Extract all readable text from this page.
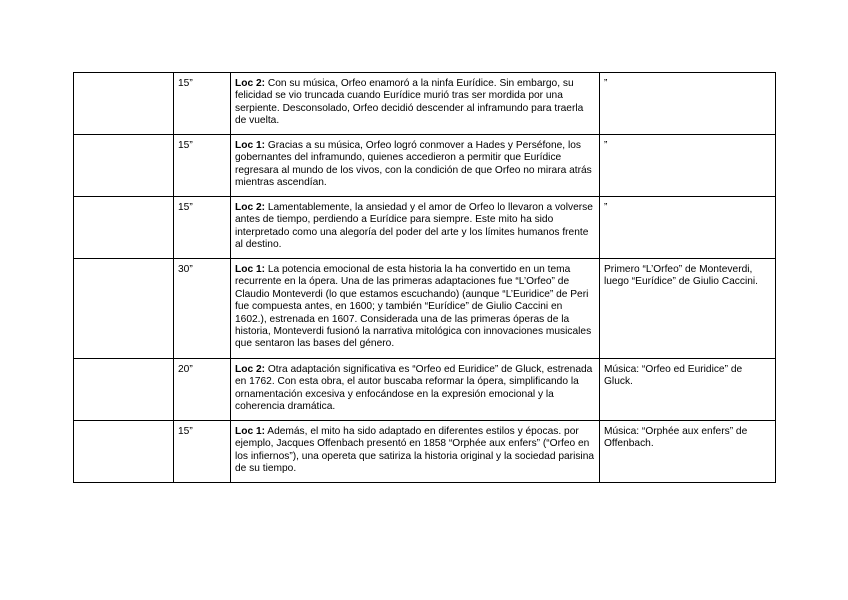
	15”	Loc 2: Con su música, Orfeo enamoró a la ninfa Eurídice. Sin embargo, su felicidad se vio truncada cuando Eurídice murió tras ser mordida por una serpiente. Desconsolado, Orfeo decidió descender al inframundo para traerla de vuelta.	”
	15”	Loc 1: Gracias a su música, Orfeo logró conmover a Hades y Perséfone, los gobernantes del inframundo, quienes accedieron a permitir que Eurídice regresara al mundo de los vivos, con la condición de que Orfeo no mirara atrás mientras ascendían.	”
	15”	Loc 2: Lamentablemente, la ansiedad y el amor de Orfeo lo llevaron a volverse antes de tiempo, perdiendo a Eurídice para siempre. Este mito ha sido interpretado como una alegoría del poder del arte y los límites humanos frente al destino.	”
	30”	Loc 1: La potencia emocional de esta historia la ha convertido en un tema recurrente en la ópera. Una de las primeras adaptaciones fue “L’Orfeo” de Claudio Monteverdi (lo que estamos escuchando) (aunque “L’Euridice” de Peri fue compuesta antes, en 1600; y también “Eurídice” de Giulio Caccini en 1602.), estrenada en 1607. Considerada una de las primeras óperas de la historia, Monteverdi fusionó la narrativa mitológica con innovaciones musicales que sentaron las bases del género.	Primero “L’Orfeo” de Monteverdi, luego “Eurídice” de Giulio Caccini.
	20”	Loc 2: Otra adaptación significativa es “Orfeo ed Euridice” de Gluck, estrenada en 1762. Con esta obra, el autor buscaba reformar la ópera, simplificando la ornamentación excesiva y enfocándose en la expresión emocional y la coherencia dramática.	Música: “Orfeo ed Euridice” de Gluck.
	15”	Loc 1: Además, el mito ha sido adaptado en diferentes estilos y épocas. por ejemplo, Jacques Offenbach presentó en 1858 “Orphée aux enfers” (“Orfeo en los infiernos”), una opereta que satiriza la historia original y la sociedad parisina de su tiempo.	Música: “Orphée aux enfers” de Offenbach.
